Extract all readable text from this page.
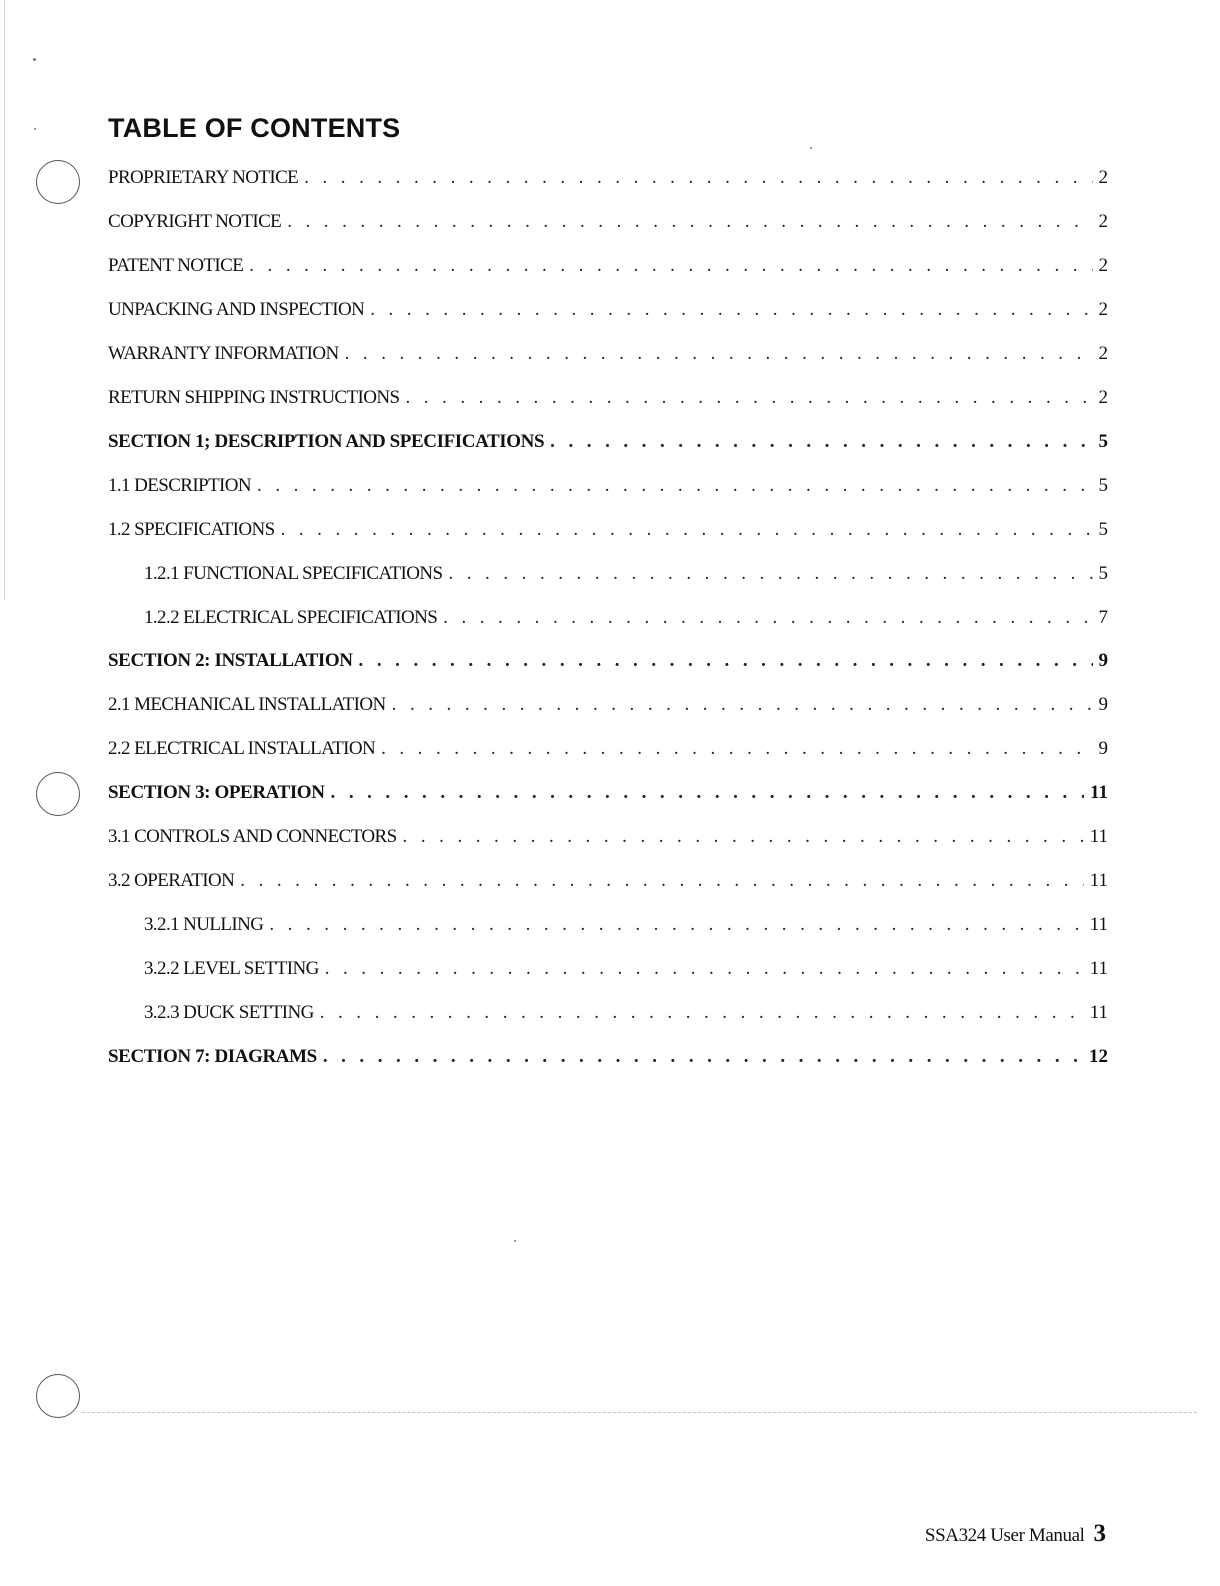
TABLE OF CONTENTS
PROPRIETARY NOTICE . . .	2
COPYRIGHT NOTICE . . .	2
PATENT NOTICE . . .	2
UNPACKING AND INSPECTION . . .	2
WARRANTY INFORMATION . . .	2
RETURN SHIPPING INSTRUCTIONS . . .	2
SECTION 1; DESCRIPTION AND SPECIFICATIONS . . .	5
1.1 DESCRIPTION . . .	5
1.2 SPECIFICATIONS . . .	5
1.2.1 FUNCTIONAL SPECIFICATIONS . . .	5
1.2.2 ELECTRICAL SPECIFICATIONS . . .	7
SECTION 2: INSTALLATION . . .	9
2.1 MECHANICAL INSTALLATION . . .	9
2.2 ELECTRICAL INSTALLATION . . .	9
SECTION 3: OPERATION . . .	11
3.1 CONTROLS AND CONNECTORS . . .	11
3.2 OPERATION . . .	11
3.2.1 NULLING . . .	11
3.2.2 LEVEL SETTING . . .	11
3.2.3 DUCK SETTING . . .	11
SECTION 7: DIAGRAMS . . .	12
SSA324 User Manual 3
